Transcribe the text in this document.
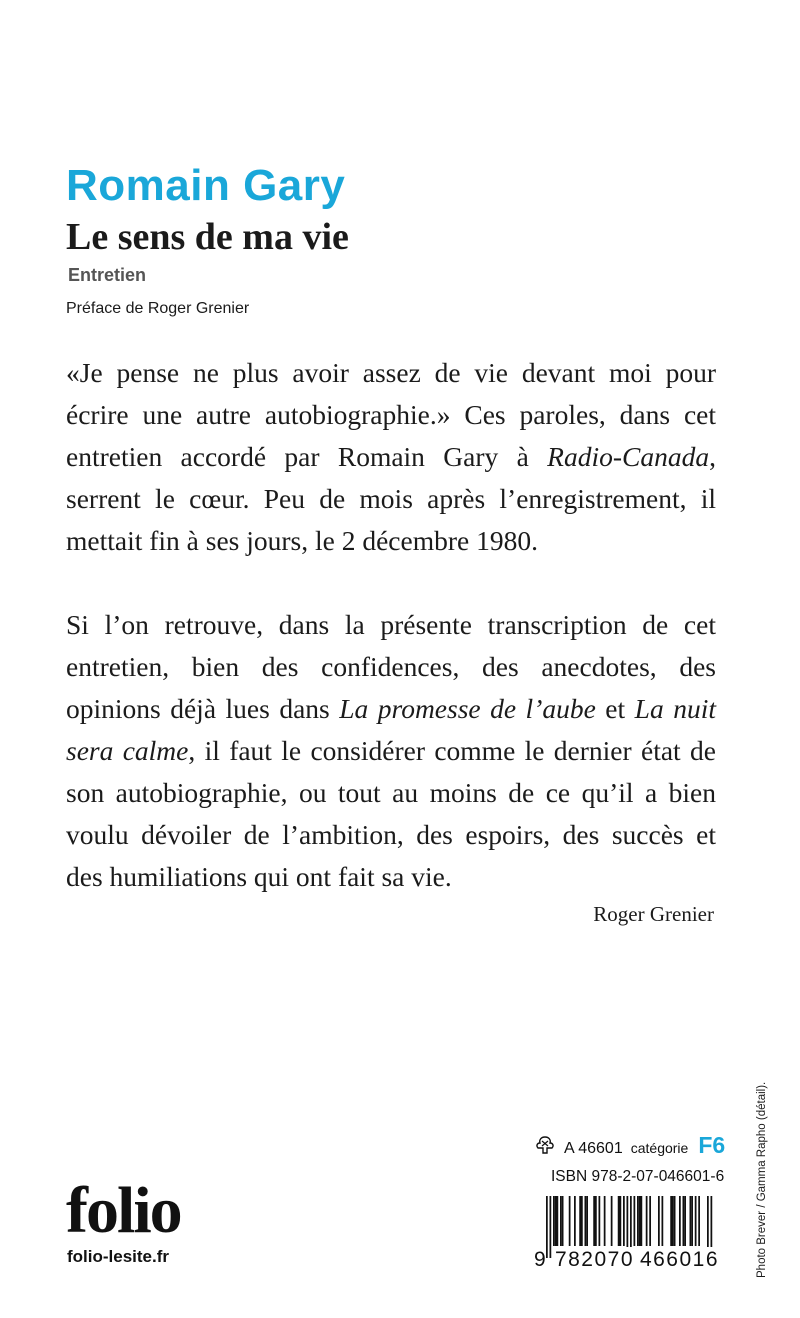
Romain Gary
Le sens de ma vie
Entretien
Préface de Roger Grenier
«Je pense ne plus avoir assez de vie devant moi pour
écrire une autre autobiographie.» Ces paroles, dans cet
entretien accordé par Romain Gary à Radio-Canada,
serrent le cœur. Peu de mois après l’enregistrement, il
mettait fin à ses jours, le 2 décembre 1980.
Si l’on retrouve, dans la présente transcription de cet
entretien, bien des confidences, des anecdotes, des
opinions déjà lues dans La promesse de l’aube et La nuit
sera calme, il faut le considérer comme le dernier état de
son autobiographie, ou tout au moins de ce qu’il a bien
voulu dévoiler de l’ambition, des espoirs, des succès et
des humiliations qui ont fait sa vie.
Roger Grenier
Photo Brever / Gamma Rapho (détail).
folio
folio-lesite.fr
A 46601 catégorie F6
ISBN 978-2-07-046601-6
9 782070 466016
